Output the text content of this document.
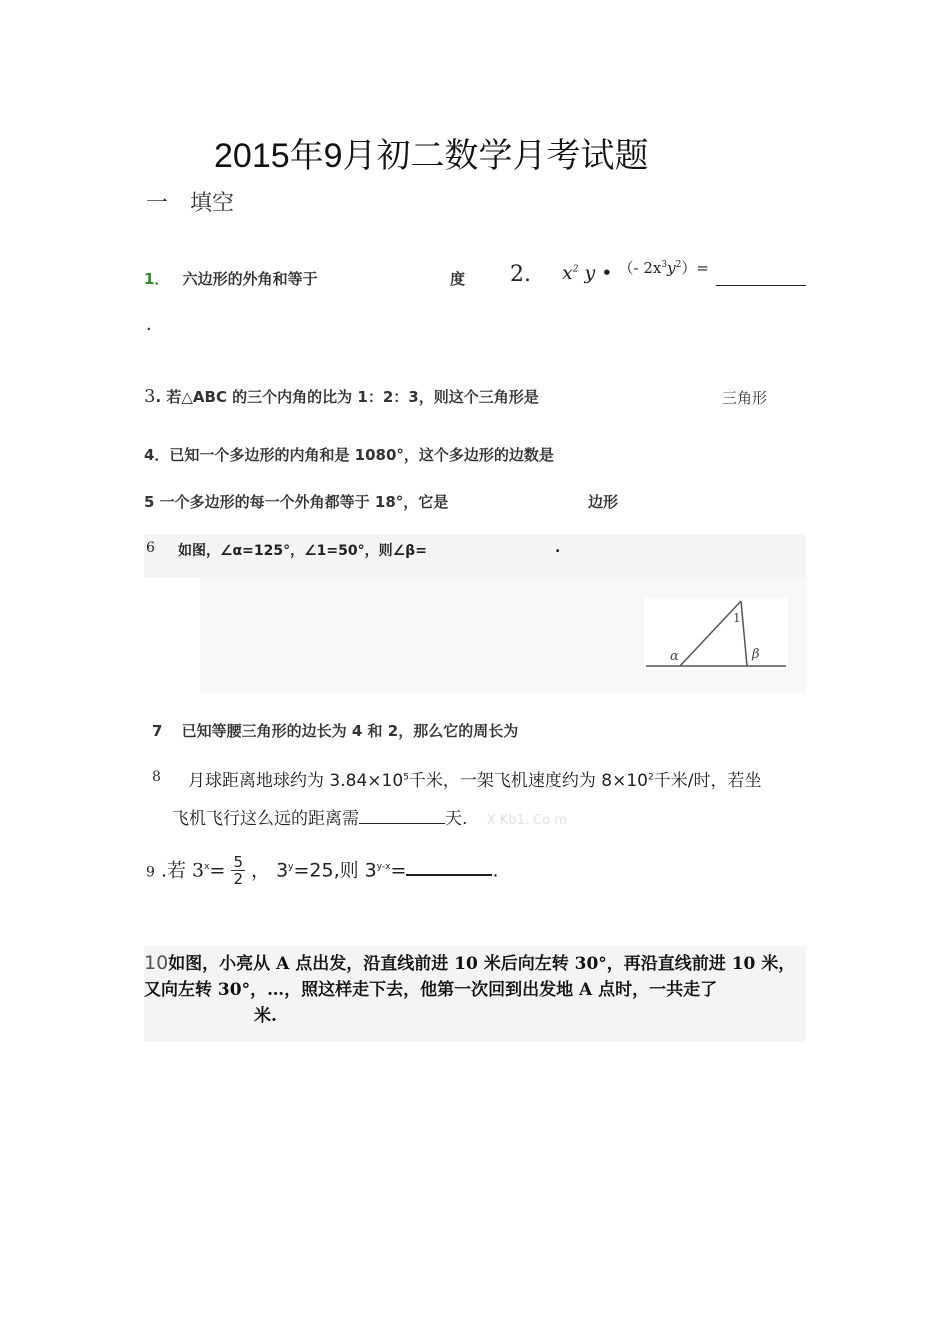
2015年9月初二数学月考试题
一　填空
1． 六边形的外角和等于	度 2. $x^2$ y • $^{(- 2x^3y^2)=}$
.
3. 若△ABC 的三个内角的比为 1：2：3，则这个三角形是	三角形
4．已知一个多边形的内角和是 1080°，这个多边形的边数是
5 一个多边形的每一个外角都等于 18°，它是	边形
6 如图，∠α=125°，∠1=50°，则∠β=	.
1
α	β
7 已知等腰三角形的边长为 4 和 2，那么它的周长为
8 月球距离地球约为 $3.84\times 10^5$千米，一架飞机速度约为 $8\times 10^2$千米/时，若坐
飞机飞行这么远的距离需	天. X Kb1. Co m
9 .若 $3^x= \frac{5}{2}$ ， $3^y=25$,则 $3^{y-x}=$	.
10如图，小亮从 A 点出发，沿直线前进 10 米后向左转 30°，再沿直线前进 10 米，又向左转 30°，…，照这样走下去，他第一次回到出发地 A 点时，一共走了米.
